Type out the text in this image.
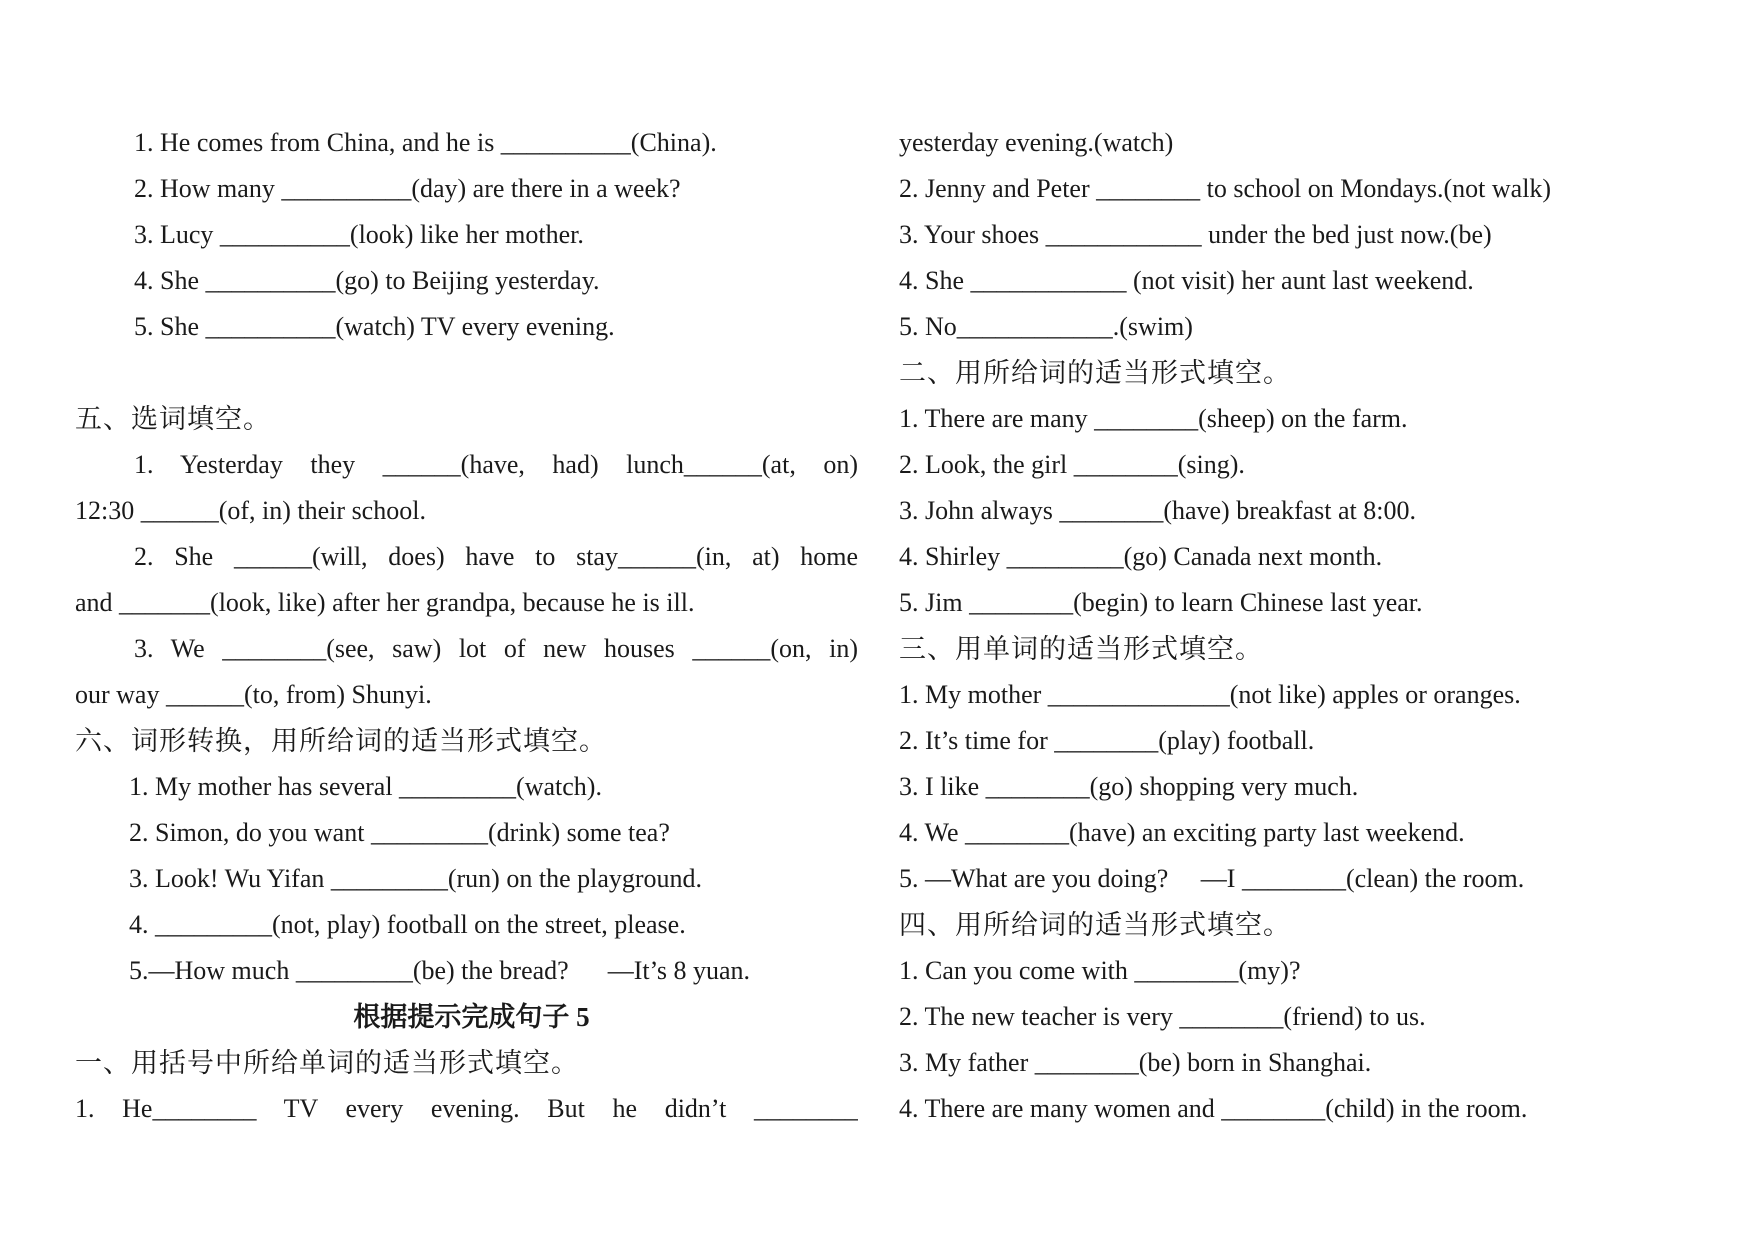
1. He comes from China, and he is __________(China).
2. How many __________(day) are there in a week?
3. Lucy __________(look) like her mother.
4. She __________(go) to Beijing yesterday.
5. She __________(watch) TV every evening.
五、选词填空。
1. Yesterday they ______(have, had) lunch______(at, on)
12:30 ______(of, in) their school.
2. She ______(will, does) have to stay______(in, at) home
and _______(look, like) after her grandpa, because he is ill.
3. We ________(see, saw) lot of new houses ______(on, in)
our way ______(to, from) Shunyi.
六、词形转换，用所给词的适当形式填空。
1. My mother has several _________(watch).
2. Simon, do you want _________(drink) some tea?
3. Look! Wu Yifan _________(run) on the playground.
4. _________(not, play) football on the street, please.
5.—How much _________(be) the bread?      —It’s 8 yuan.
根据提示完成句子 5
一、用括号中所给单词的适当形式填空。
1. He________ TV every evening. But he didn’t ________
yesterday evening.(watch)
2. Jenny and Peter ________ to school on Mondays.(not walk)
3. Your shoes ____________ under the bed just now.(be)
4. She ____________ (not visit) her aunt last weekend.
5. No____________.(swim)
二、用所给词的适当形式填空。
1. There are many ________(sheep) on the farm.
2. Look, the girl ________(sing).
3. John always ________(have) breakfast at 8:00.
4. Shirley _________(go) Canada next month.
5. Jim ________(begin) to learn Chinese last year.
三、用单词的适当形式填空。
1. My mother ______________(not like) apples or oranges.
2. It’s time for ________(play) football.
3. I like ________(go) shopping very much.
4. We ________(have) an exciting party last weekend.
5. —What are you doing?     —I ________(clean) the room.
四、用所给词的适当形式填空。
1. Can you come with ________(my)?
2. The new teacher is very ________(friend) to us.
3. My father ________(be) born in Shanghai.
4. There are many women and ________(child) in the room.
